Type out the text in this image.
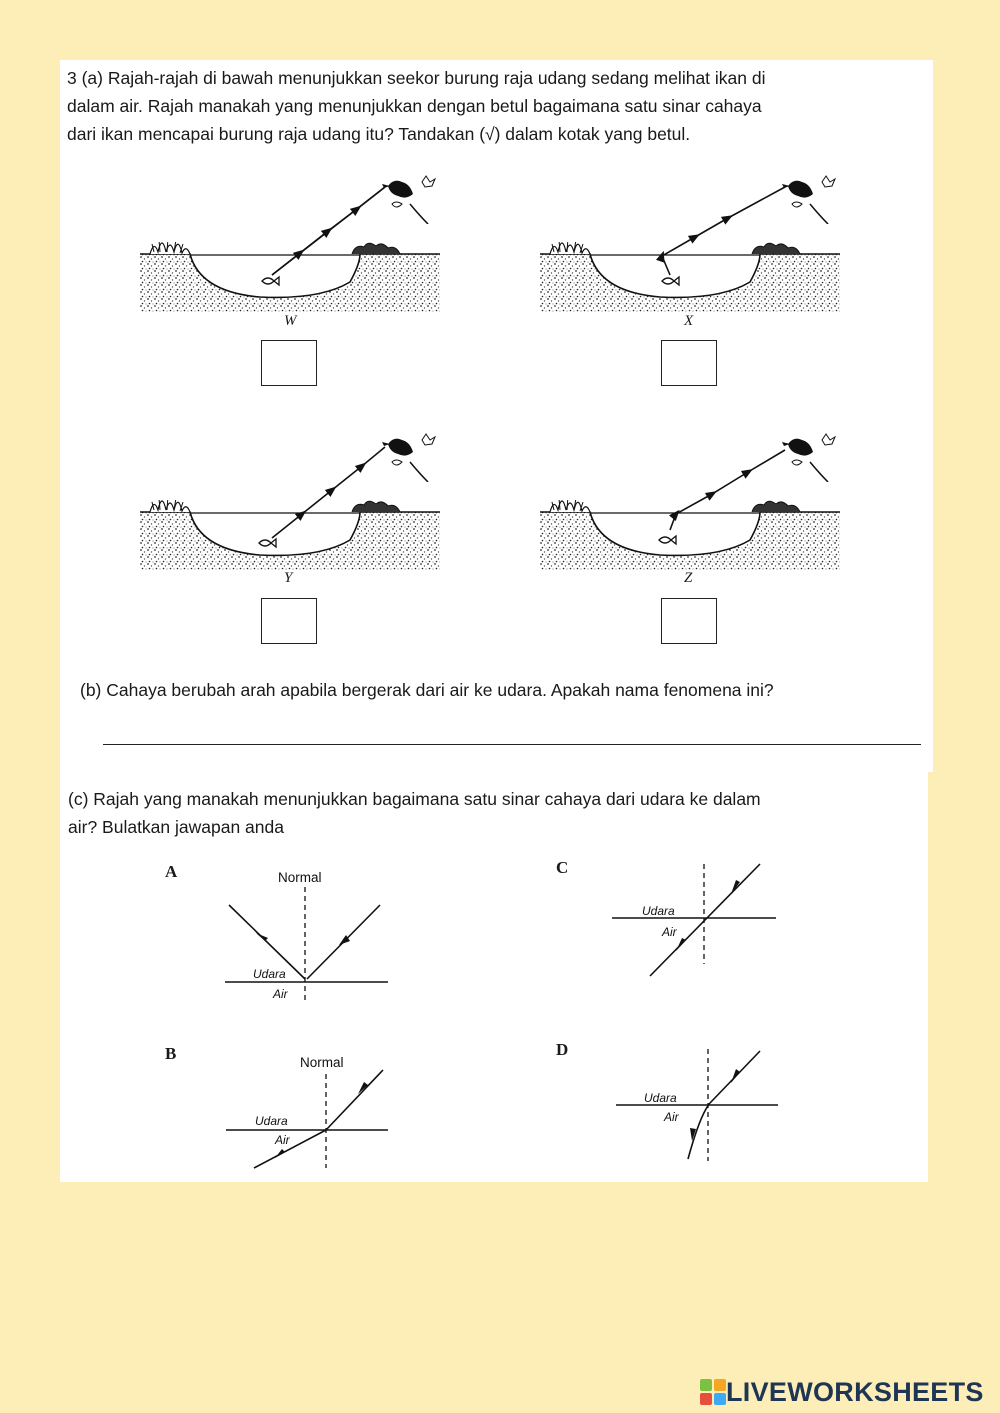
3 (a) Rajah-rajah di bawah menunjukkan seekor burung raja udang sedang melihat ikan di

dalam air. Rajah manakah yang menunjukkan dengan betul bagaimana satu sinar cahaya

dari ikan mencapai burung raja udang itu? Tandakan (√) dalam kotak yang betul.

W	X
Y	Z

(b) Cahaya berubah arah apabila bergerak dari air ke udara. Apakah nama fenomena ini?

(c) Rajah yang manakah menunjukkan bagaimana satu sinar cahaya dari udara ke dalam

air? Bulatkan jawapan anda

A	Normal
Udara
Air
C
Udara
Air
B	Normal
Udara
Air
D
Udara
Air
LIVEWORKSHEETS
